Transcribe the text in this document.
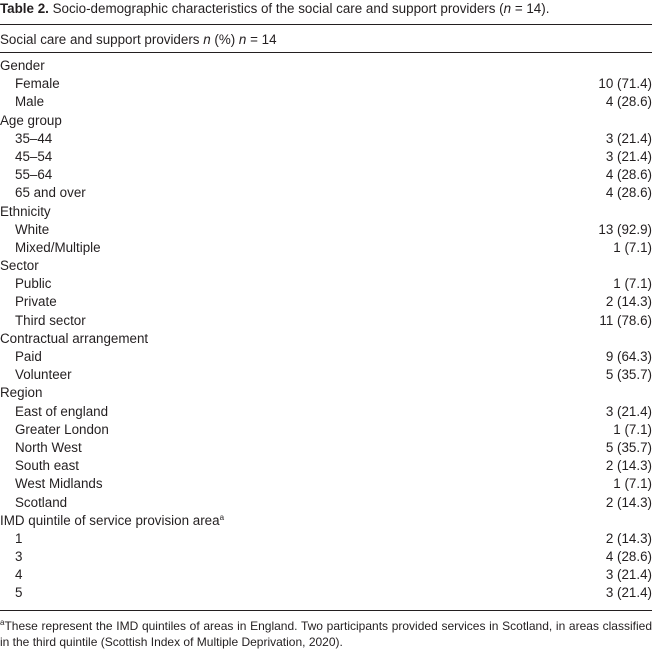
Table 2. Socio-demographic characteristics of the social care and support providers (n = 14).
Social care and support providers n (%) n = 14
Gender
Female	10 (71.4)
Male	4 (28.6)
Age group
35–44	3 (21.4)
45–54	3 (21.4)
55–64	4 (28.6)
65 and over	4 (28.6)
Ethnicity
White	13 (92.9)
Mixed/Multiple	1 (7.1)
Sector
Public	1 (7.1)
Private	2 (14.3)
Third sector	11 (78.6)
Contractual arrangement
Paid	9 (64.3)
Volunteer	5 (35.7)
Region
East of england	3 (21.4)
Greater London	1 (7.1)
North West	5 (35.7)
South east	2 (14.3)
West Midlands	1 (7.1)
Scotland	2 (14.3)
IMD quintile of service provision area$^a$
1	2 (14.3)
3	4 (28.6)
4	3 (21.4)
5	3 (21.4)
$^a$These represent the IMD quintiles of areas in England. Two participants provided services in Scotland, in areas classified in the third quintile (Scottish Index of Multiple Deprivation, 2020).
